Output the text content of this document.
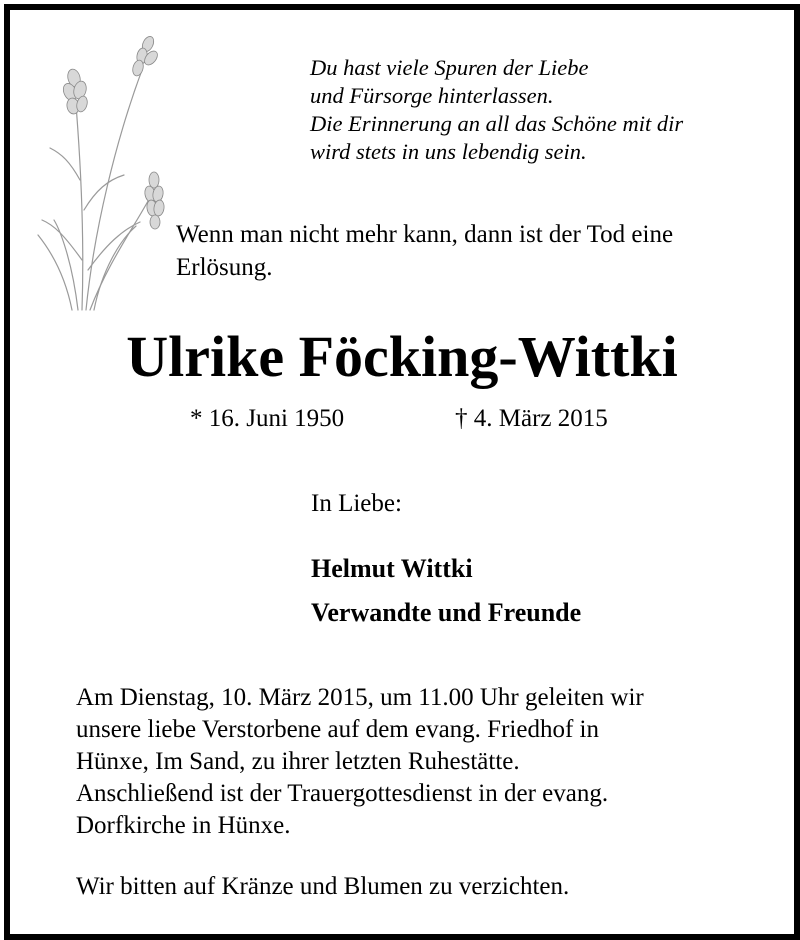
Du hast viele Spuren der Liebe
und Fürsorge hinterlassen.
Die Erinnerung an all das Schöne mit dir
wird stets in uns lebendig sein.
Wenn man nicht mehr kann, dann ist der Tod eine
Erlösung.
Ulrike Föcking-Wittki
* 16. Juni 1950	† 4. März 2015
In Liebe:
Helmut Wittki
Verwandte und Freunde
Am Dienstag, 10. März 2015, um 11.00 Uhr geleiten wir
unsere liebe Verstorbene auf dem evang. Friedhof in
Hünxe, Im Sand, zu ihrer letzten Ruhestätte.
Anschließend ist der Trauergottesdienst in der evang.
Dorfkirche in Hünxe.
Wir bitten auf Kränze und Blumen zu verzichten.
